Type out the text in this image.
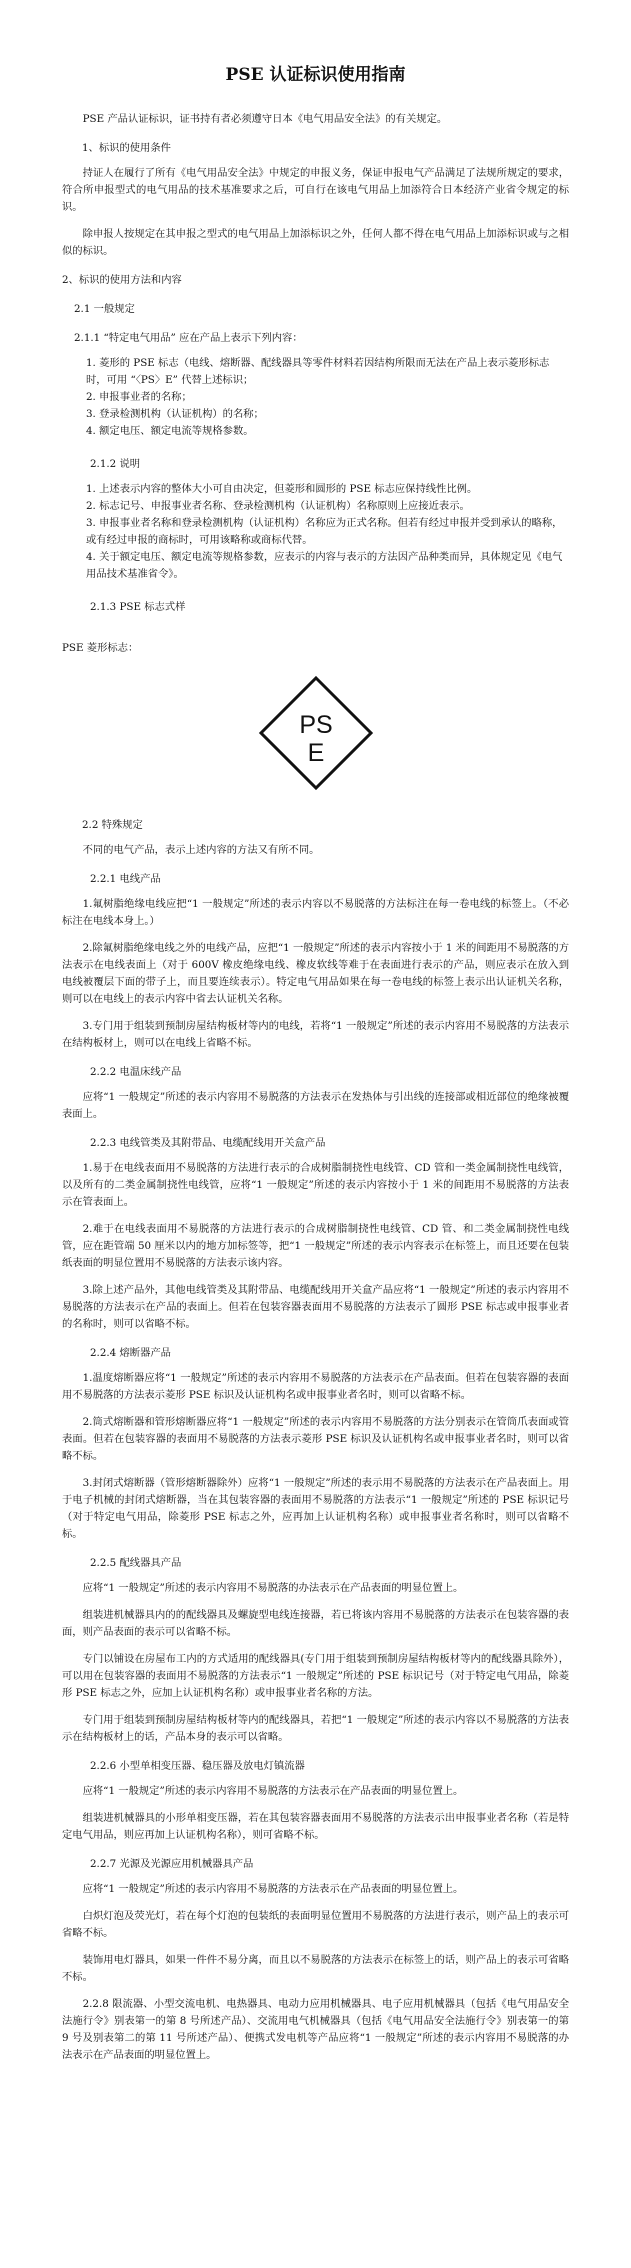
PSE 认证标识使用指南

PSE 产品认证标识，证书持有者必须遵守日本《电气用品安全法》的有关规定。

1、标识的使用条件

持证人在履行了所有《电气用品安全法》中规定的申报义务，保证申报电气产品满足了法规所规定的要求，符合所申报型式的电气用品的技术基准要求之后，可自行在该电气用品上加添符合日本经济产业省令规定的标识。

除申报人按规定在其申报之型式的电气用品上加添标识之外，任何人都不得在电气用品上加添标识或与之相似的标识。

2、标识的使用方法和内容

2.1 一般规定

2.1.1 “特定电气用品” 应在产品上表示下列内容：

1. 菱形的 PSE 标志（电线、熔断器、配线器具等零件材料若因结构所限而无法在产品上表示菱形标志时，可用 “〈PS〉E” 代替上述标识；

2. 申报事业者的名称；

3. 登录检测机构（认证机构）的名称；

4. 额定电压、额定电流等规格参数。

2.1.2 说明

1. 上述表示内容的整体大小可自由决定，但菱形和圆形的 PSE 标志应保持线性比例。

2. 标志记号、申报事业者名称、登录检测机构（认证机构）名称原则上应接近表示。

3. 申报事业者名称和登录检测机构（认证机构）名称应为正式名称。但若有经过申报并受到承认的略称，或有经过申报的商标时，可用该略称或商标代替。

4. 关于额定电压、额定电流等规格参数，应表示的内容与表示的方法因产品种类而异，具体规定见《电气用品技术基准省令》。

2.1.3 PSE 标志式样

PSE 菱形标志：

PS
E

2.2 特殊规定

不同的电气产品，表示上述内容的方法又有所不同。

2.2.1 电线产品

1.氟树脂绝缘电线应把“1 一般规定”所述的表示内容以不易脱落的方法标注在每一卷电线的标签上。（不必标注在电线本身上。）

2.除氟树脂绝缘电线之外的电线产品，应把“1 一般规定”所述的表示内容按小于 1 米的间距用不易脱落的方法表示在电线表面上（对于 600V 橡皮绝缘电线、橡皮软线等难于在表面进行表示的产品，则应表示在放入到电线被覆层下面的带子上，而且要连续表示）。特定电气用品如果在每一卷电线的标签上表示出认证机关名称，则可以在电线上的表示内容中省去认证机关名称。

3.专门用于组装到预制房屋结构板材等内的电线，若将“1 一般规定”所述的表示内容用不易脱落的方法表示在结构板材上，则可以在电线上省略不标。

2.2.2 电温床线产品

应将“1 一般规定”所述的表示内容用不易脱落的方法表示在发热体与引出线的连接部或相近部位的绝缘被覆表面上。

2.2.3 电线管类及其附带品、电缆配线用开关盒产品

1.易于在电线表面用不易脱落的方法进行表示的合成树脂制挠性电线管、CD 管和一类金属制挠性电线管，以及所有的二类金属制挠性电线管，应将“1 一般规定”所述的表示内容按小于 1 米的间距用不易脱落的方法表示在管表面上。

2.难于在电线表面用不易脱落的方法进行表示的合成树脂制挠性电线管、CD 管、和二类金属制挠性电线管，应在距管端 50 厘米以内的地方加标签等，把“1 一般规定”所述的表示内容表示在标签上，而且还要在包装纸表面的明显位置用不易脱落的方法表示该内容。

3.除上述产品外，其他电线管类及其附带品、电缆配线用开关盒产品应将“1 一般规定”所述的表示内容用不易脱落的方法表示在产品的表面上。但若在包装容器表面用不易脱落的方法表示了圆形 PSE 标志或申报事业者的名称时，则可以省略不标。

2.2.4 熔断器产品

1.温度熔断器应将“1 一般规定”所述的表示内容用不易脱落的方法表示在产品表面。但若在包装容器的表面用不易脱落的方法表示菱形 PSE 标识及认证机构名或申报事业者名时，则可以省略不标。

2.筒式熔断器和管形熔断器应将“1 一般规定”所述的表示内容用不易脱落的方法分别表示在管筒爪表面或管表面。但若在包装容器的表面用不易脱落的方法表示菱形 PSE 标识及认证机构名或申报事业者名时，则可以省略不标。

3.封闭式熔断器（管形熔断器除外）应将“1 一般规定”所述的表示用不易脱落的方法表示在产品表面上。用于电子机械的封闭式熔断器，当在其包装容器的表面用不易脱落的方法表示“1 一般规定”所述的 PSE 标识记号（对于特定电气用品，除菱形 PSE 标志之外，应再加上认证机构名称）或申报事业者名称时，则可以省略不标。

2.2.5 配线器具产品

应将“1 一般规定”所述的表示内容用不易脱落的办法表示在产品表面的明显位置上。

组装进机械器具内的的配线器具及螺旋型电线连接器，若已将该内容用不易脱落的方法表示在包装容器的表面，则产品表面的表示可以省略不标。

专门以铺设在房屋布工内的方式适用的配线器具(专门用于组装到预制房屋结构板材等内的配线器具除外），可以用在包装容器的表面用不易脱落的方法表示“1 一般规定”所述的 PSE 标识记号（对于特定电气用品，除菱形 PSE 标志之外，应加上认证机构名称）或申报事业者名称的方法。

专门用于组装到预制房屋结构板材等内的配线器具，若把“1 一般规定”所述的表示内容以不易脱落的方法表示在结构板材上的话，产品本身的表示可以省略。

2.2.6 小型单相变压器、稳压器及放电灯镇流器

应将“1 一般规定”所述的表示内容用不易脱落的方法表示在产品表面的明显位置上。

组装进机械器具的小形单相变压器，若在其包装容器表面用不易脱落的方法表示出申报事业者名称（若是特定电气用品，则应再加上认证机构名称），则可省略不标。

2.2.7 光源及光源应用机械器具产品

应将“1 一般规定”所述的表示内容用不易脱落的方法表示在产品表面的明显位置上。

白炽灯泡及荧光灯，若在每个灯泡的包装纸的表面明显位置用不易脱落的方法进行表示，则产品上的表示可省略不标。

装饰用电灯器具，如果一件件不易分离，而且以不易脱落的方法表示在标签上的话，则产品上的表示可省略不标。

2.2.8 限流器、小型交流电机、电热器具、电动力应用机械器具、电子应用机械器具（包括《电气用品安全法施行令》别表第一的第 8 号所述产品）、交流用电气机械器具（包括《电气用品安全法施行令》别表第一的第 9 号及别表第二的第 11 号所述产品）、便携式发电机等产品应将“1 一般规定”所述的表示内容用不易脱落的办法表示在产品表面的明显位置上。
